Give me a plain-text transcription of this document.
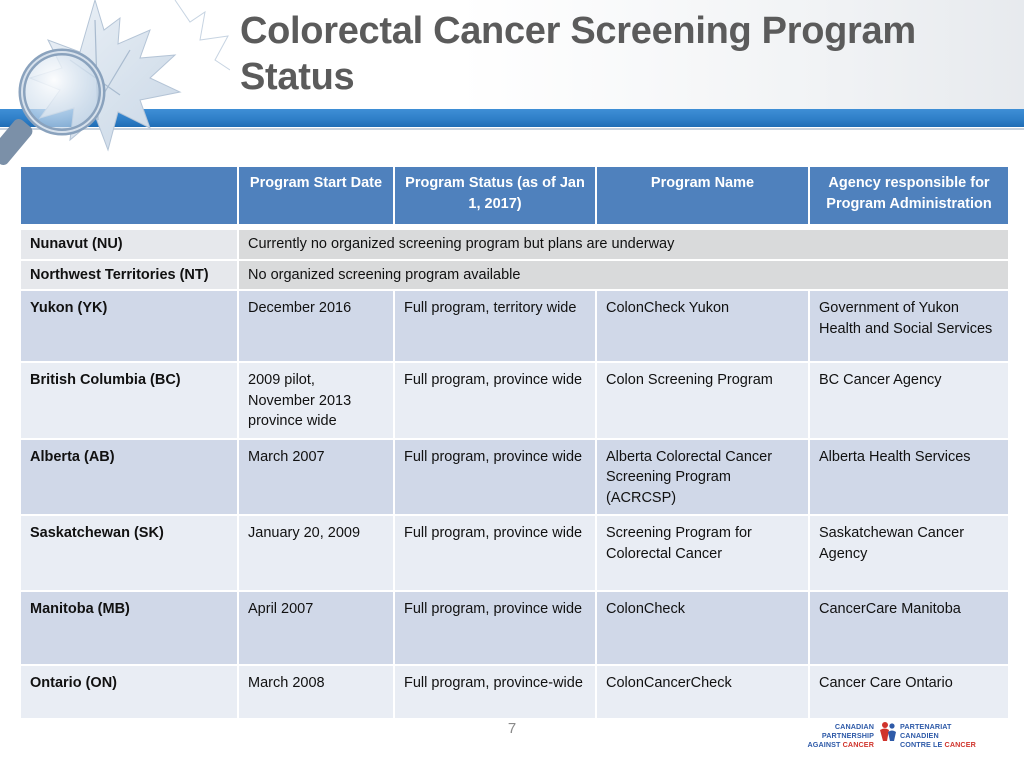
Colorectal Cancer Screening Program Status
	Program Start Date	Program Status (as of Jan 1, 2017)	Program Name	Agency responsible for Program Administration

Nunavut (NU)	Currently no organized screening program but plans are underway			
Northwest Territories (NT)	No organized screening program available			
Yukon (YK)	December 2016	Full program, territory wide	ColonCheck Yukon	Government of Yukon Health and Social Services
British Columbia (BC)	2009 pilot, November 2013 province wide	Full program, province wide	Colon Screening Program	BC Cancer Agency
Alberta (AB)	March 2007	Full program, province wide	Alberta Colorectal Cancer Screening Program (ACRCSP)	Alberta Health Services
Saskatchewan (SK)	January 20, 2009	Full program, province wide	Screening Program for Colorectal Cancer	Saskatchewan Cancer Agency
Manitoba (MB)	April 2007	Full program, province wide	ColonCheck	CancerCare Manitoba
Ontario (ON)	March 2008	Full program, province-wide	ColonCancerCheck	Cancer Care Ontario
7	CANADIAN PARTNERSHIP
AGAINST CANCER
PARTENARIAT CANADIEN
CONTRE LE CANCER
